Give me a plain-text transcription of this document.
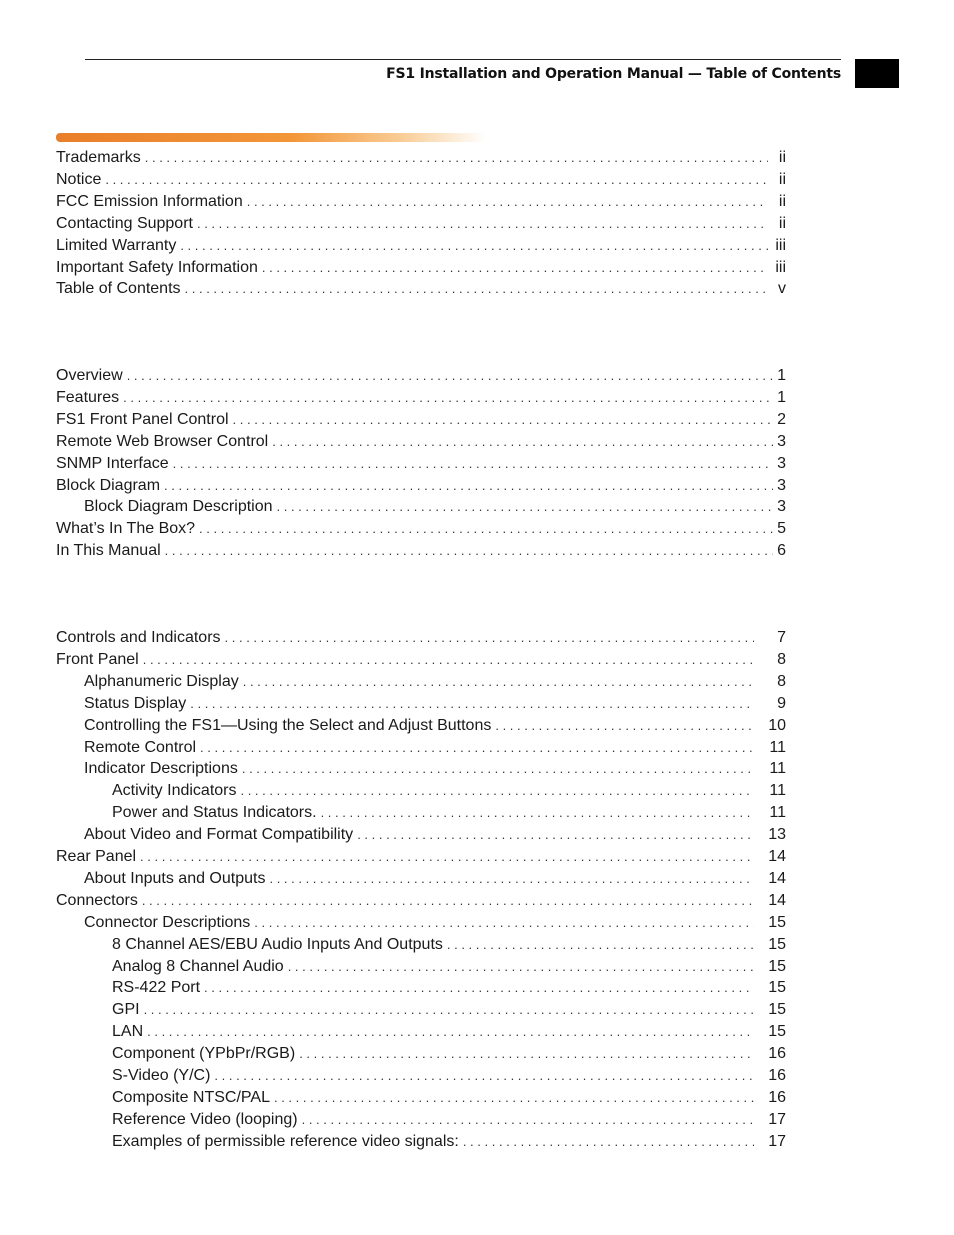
FS1 Installation and Operation Manual — Table of Contents
Trademarks . . .	ii
Notice . . .	ii
FCC Emission Information . . .	ii
Contacting Support . . .	ii
Limited Warranty . . .	iii
Important Safety Information . . .	iii
Table of Contents . . .	v
Overview . . .	1
Features . . .	1
FS1 Front Panel Control . . .	2
Remote Web Browser Control . . .	3
SNMP Interface . . .	3
Block Diagram . . .	3
Block Diagram Description . . .	3
What’s In The Box? . . .	5
In This Manual . . .	6
Controls and Indicators . . .	7
Front Panel . . .	8
Alphanumeric Display . . .	8
Status Display . . .	9
Controlling the FS1—Using the Select and Adjust Buttons . . .	10
Remote Control . . .	11
Indicator Descriptions . . .	11
Activity Indicators . . .	11
Power and Status Indicators. . . .	11
About Video and Format Compatibility . . .	13
Rear Panel . . .	14
About Inputs and Outputs . . .	14
Connectors . . .	14
Connector Descriptions . . .	15
8 Channel AES/EBU Audio Inputs And Outputs . . .	15
Analog 8 Channel Audio . . .	15
RS-422 Port . . .	15
GPI . . .	15
LAN . . .	15
Component (YPbPr/RGB) . . .	16
S-Video (Y/C) . . .	16
Composite NTSC/PAL . . .	16
Reference Video (looping) . . .	17
Examples of permissible reference video signals: . . .	17
